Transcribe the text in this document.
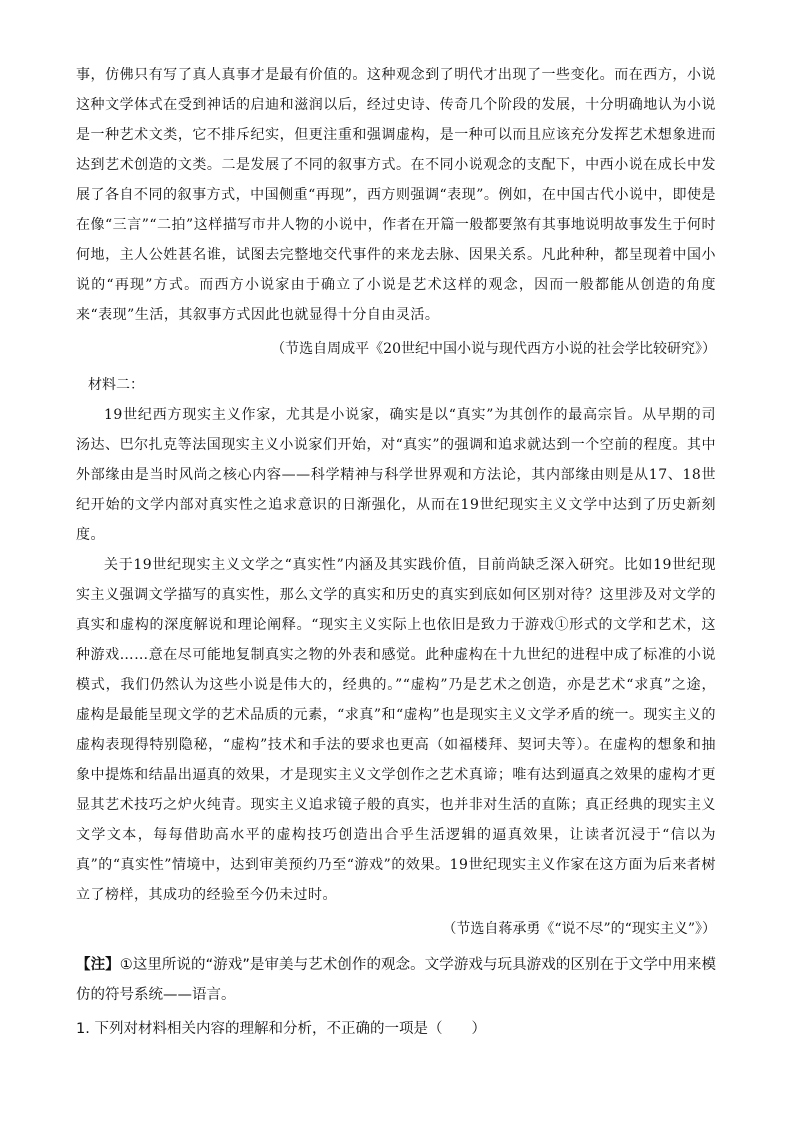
事，仿佛只有写了真人真事才是最有价值的。这种观念到了明代才出现了一些变化。而在西方，小说这种文学体式在受到神话的启迪和滋润以后，经过史诗、传奇几个阶段的发展，十分明确地认为小说是一种艺术文类，它不排斥纪实，但更注重和强调虚构，是一种可以而且应该充分发挥艺术想象进而达到艺术创造的文类。二是发展了不同的叙事方式。在不同小说观念的支配下，中西小说在成长中发展了各自不同的叙事方式，中国侧重“再现”，西方则强调“表现”。例如，在中国古代小说中，即使是在像“三言”“二拍”这样描写市井人物的小说中，作者在开篇一般都要煞有其事地说明故事发生于何时何地，主人公姓甚名谁，试图去完整地交代事件的来龙去脉、因果关系。凡此种种，都呈现着中国小说的“再现”方式。而西方小说家由于确立了小说是艺术这样的观念，因而一般都能从创造的角度来“表现”生活，其叙事方式因此也就显得十分自由灵活。

（节选自周成平《20世纪中国小说与现代西方小说的社会学比较研究》）

材料二：

19世纪西方现实主义作家，尤其是小说家，确实是以“真实”为其创作的最高宗旨。从早期的司汤达、巴尔扎克等法国现实主义小说家们开始，对“真实”的强调和追求就达到一个空前的程度。其中外部缘由是当时风尚之核心内容——科学精神与科学世界观和方法论，其内部缘由则是从17、18世纪开始的文学内部对真实性之追求意识的日渐强化，从而在19世纪现实主义文学中达到了历史新刻度。

关于19世纪现实主义文学之“真实性”内涵及其实践价值，目前尚缺乏深入研究。比如19世纪现实主义强调文学描写的真实性，那么文学的真实和历史的真实到底如何区别对待？这里涉及对文学的真实和虚构的深度解说和理论阐释。“现实主义实际上也依旧是致力于游戏①形式的文学和艺术，这种游戏……意在尽可能地复制真实之物的外表和感觉。此种虚构在十九世纪的进程中成了标准的小说模式，我们仍然认为这些小说是伟大的，经典的。”“虚构”乃是艺术之创造，亦是艺术“求真”之途，虚构是最能呈现文学的艺术品质的元素，“求真”和“虚构”也是现实主义文学矛盾的统一。现实主义的虚构表现得特别隐秘，“虚构”技术和手法的要求也更高（如福楼拜、契诃夫等）。在虚构的想象和抽象中提炼和结晶出逼真的效果，才是现实主义文学创作之艺术真谛；唯有达到逼真之效果的虚构才更显其艺术技巧之炉火纯青。现实主义追求镜子般的真实，也并非对生活的直陈；真正经典的现实主义文学文本，每每借助高水平的虚构技巧创造出合乎生活逻辑的逼真效果，让读者沉浸于“信以为真”的“真实性”情境中，达到审美预约乃至“游戏”的效果。19世纪现实主义作家在这方面为后来者树立了榜样，其成功的经验至今仍未过时。

（节选自蒋承勇《“说不尽”的“现实主义”》）

【注】①这里所说的“游戏”是审美与艺术创作的观念。文学游戏与玩具游戏的区别在于文学中用来模仿的符号系统——语言。

1. 下列对材料相关内容的理解和分析，不正确的一项是（　　）
